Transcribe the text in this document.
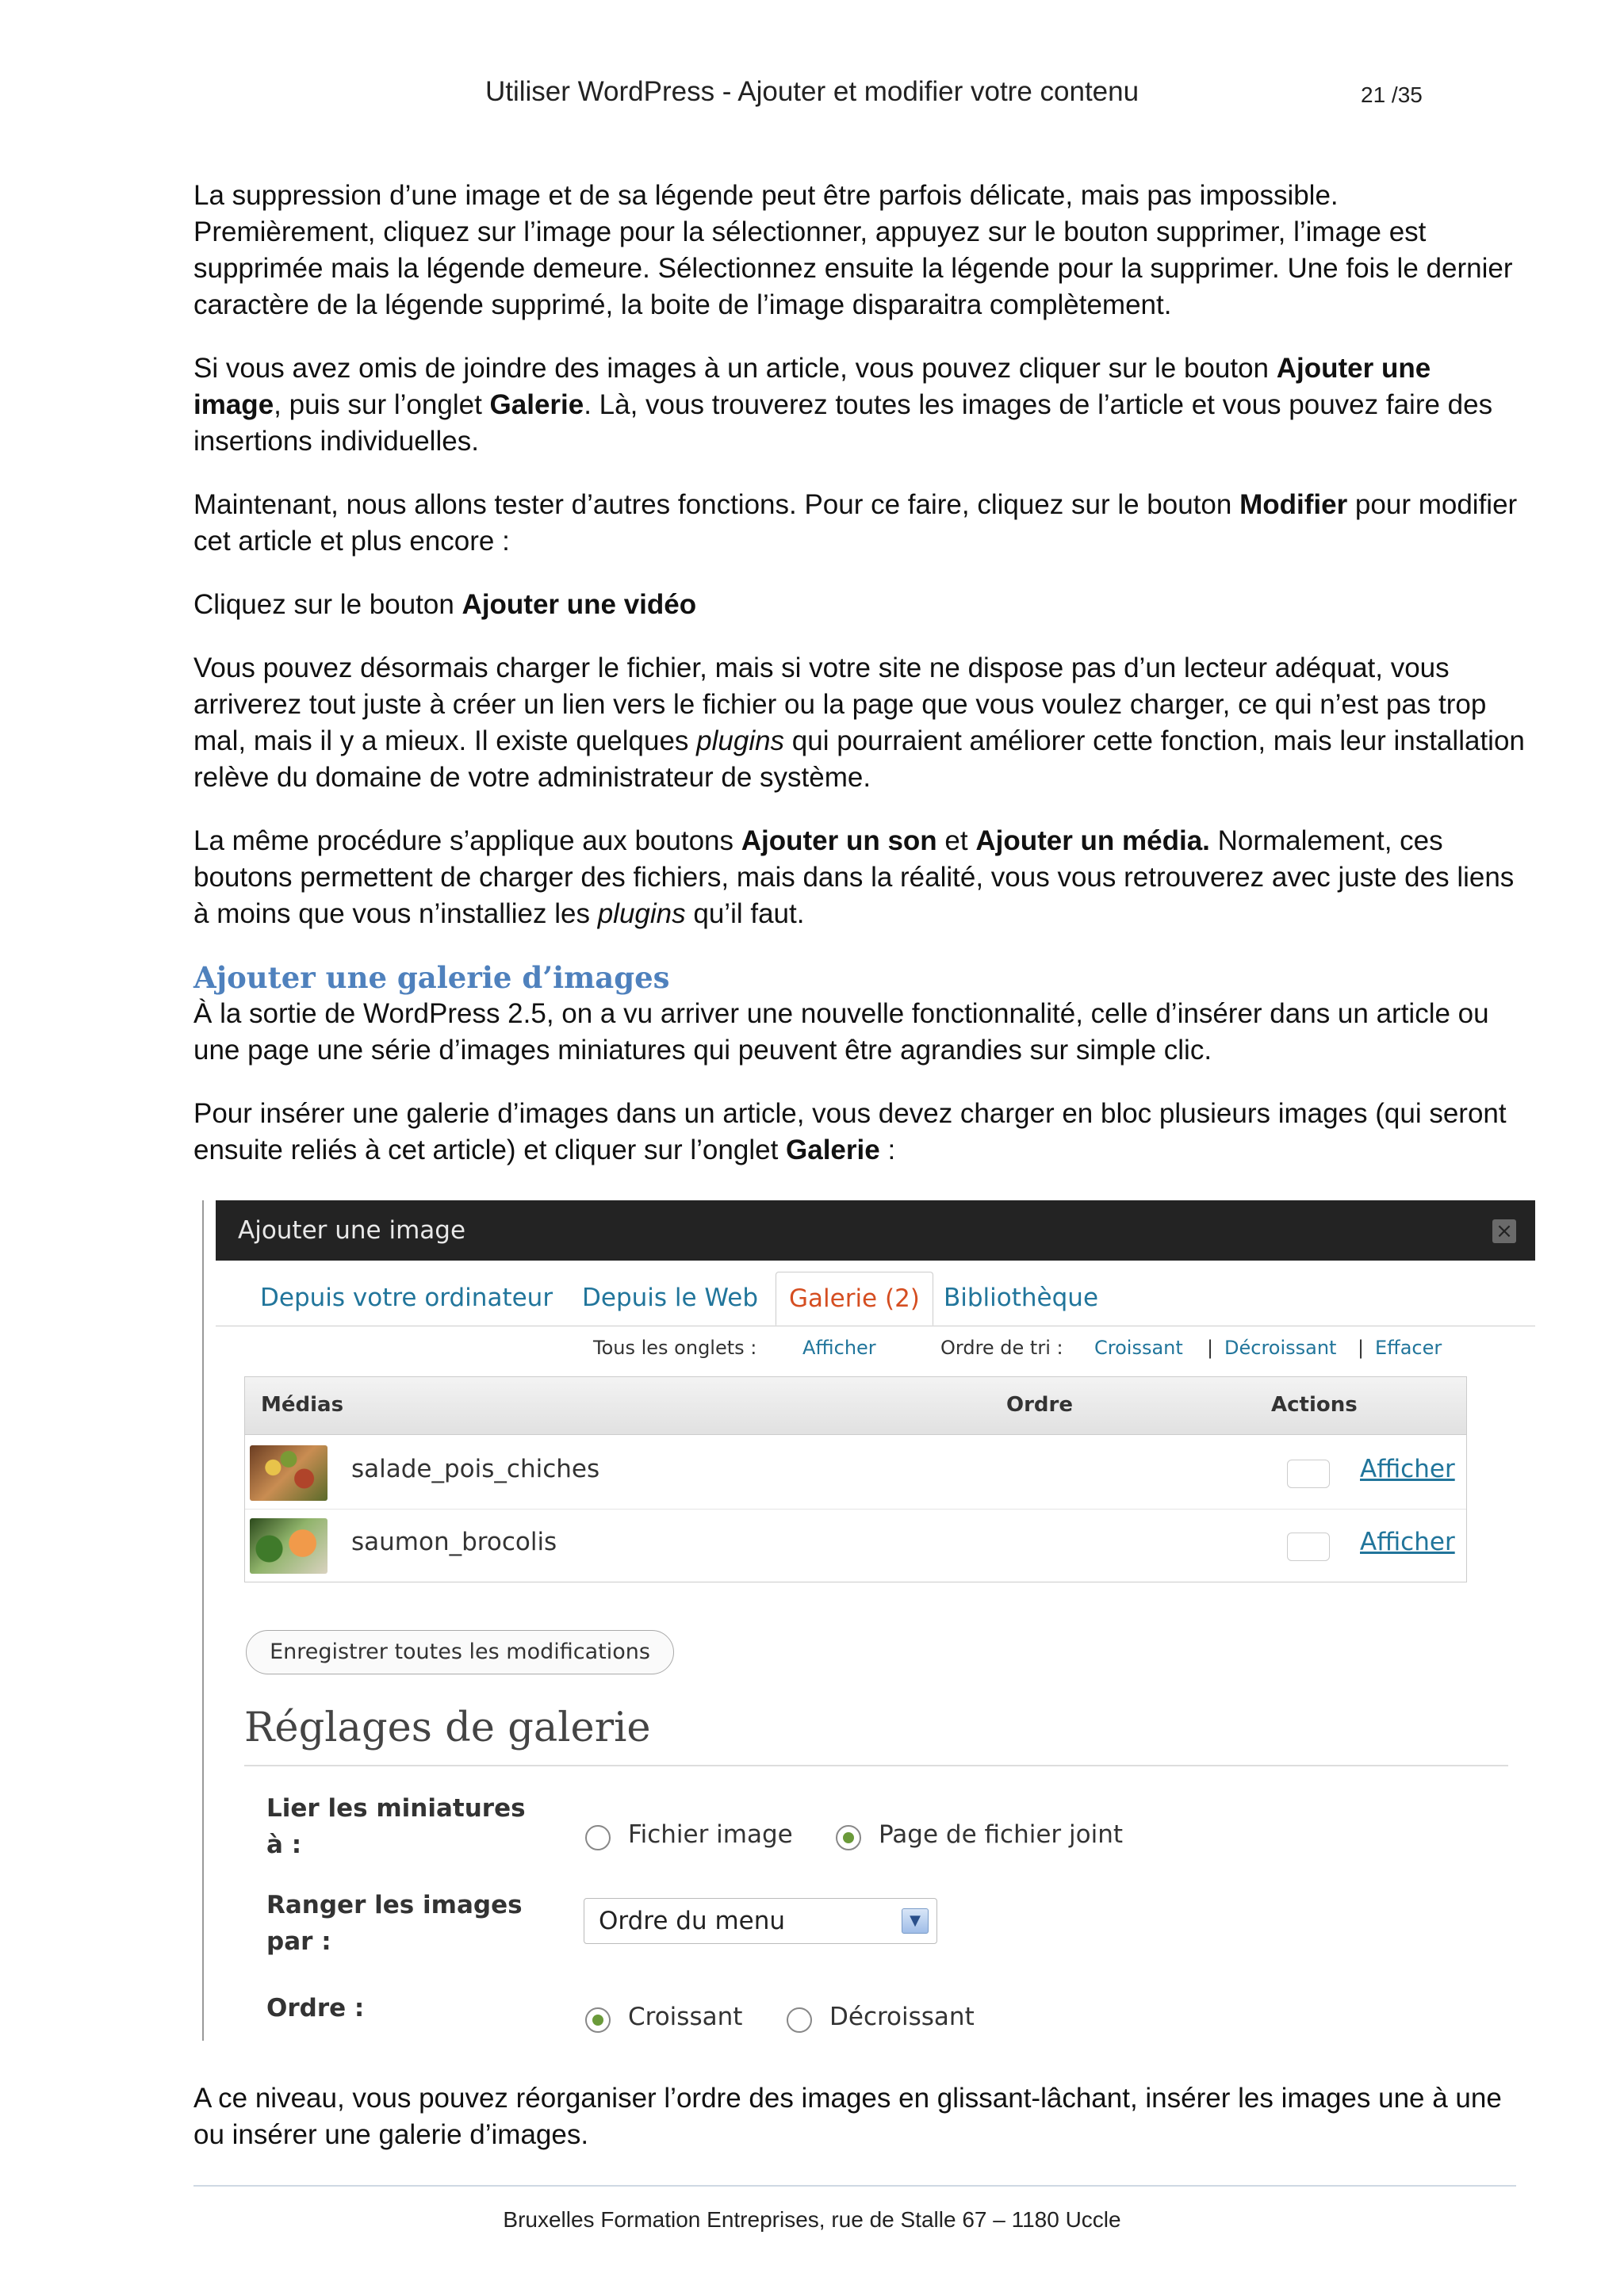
Utiliser WordPress - Ajouter et modifier votre contenu	21 /35

La suppression d’une image et de sa légende peut être parfois délicate, mais pas impossible. Premièrement, cliquez sur l’image pour la sélectionner, appuyez sur le bouton supprimer, l’image est supprimée mais la légende demeure. Sélectionnez ensuite la légende pour la supprimer. Une fois le dernier caractère de la légende supprimé, la boite de l’image disparaitra complètement.

Si vous avez omis de joindre des images à un article, vous pouvez cliquer sur le bouton Ajouter une image, puis sur l’onglet Galerie. Là, vous trouverez toutes les images de l’article et vous pouvez faire des insertions individuelles.

Maintenant, nous allons tester d’autres fonctions. Pour ce faire, cliquez sur le bouton Modifier pour modifier cet article et plus encore :

Cliquez sur le bouton Ajouter une vidéo

Vous pouvez désormais charger le fichier, mais si votre site ne dispose pas d’un lecteur adéquat, vous arriverez tout juste à créer un lien vers le fichier ou la page que vous voulez charger, ce qui n’est pas trop mal, mais il y a mieux. Il existe quelques plugins qui pourraient améliorer cette fonction, mais leur installation relève du domaine de votre administrateur de système.

La même procédure s’applique aux boutons Ajouter un son et Ajouter un média. Normalement, ces boutons permettent de charger des fichiers, mais dans la réalité, vous vous retrouverez avec juste des liens à moins que vous n’installiez les plugins qu’il faut.

Ajouter une galerie d’images

À la sortie de WordPress 2.5, on a vu arriver une nouvelle fonctionnalité, celle d’insérer dans un article ou une page une série d’images miniatures qui peuvent être agrandies sur simple clic.

Pour insérer une galerie d’images dans un article, vous devez charger en bloc plusieurs images (qui seront ensuite reliés à cet article) et cliquer sur l’onglet Galerie :

Ajouter une image	×
Depuis votre ordinateur Depuis le Web	Galerie (2) Bibliothèque
Tous les onglets : Afficher	Ordre de tri : Croissant | Décroissant | Effacer
Médias	Ordre	Actions
salade_pois_chiches	Afficher
saumon_brocolis	Afficher
Enregistrer toutes les modifications
Réglages de galerie
Lier les miniatures
à :	Fichier image	Page de fichier joint
Ranger les images
par :
Ordre du menu	▼
Ordre :	Croissant	Décroissant

A ce niveau, vous pouvez réorganiser l’ordre des images en glissant-lâchant, insérer les images une à une ou insérer une galerie d’images.

Bruxelles Formation Entreprises, rue de Stalle 67 – 1180 Uccle
